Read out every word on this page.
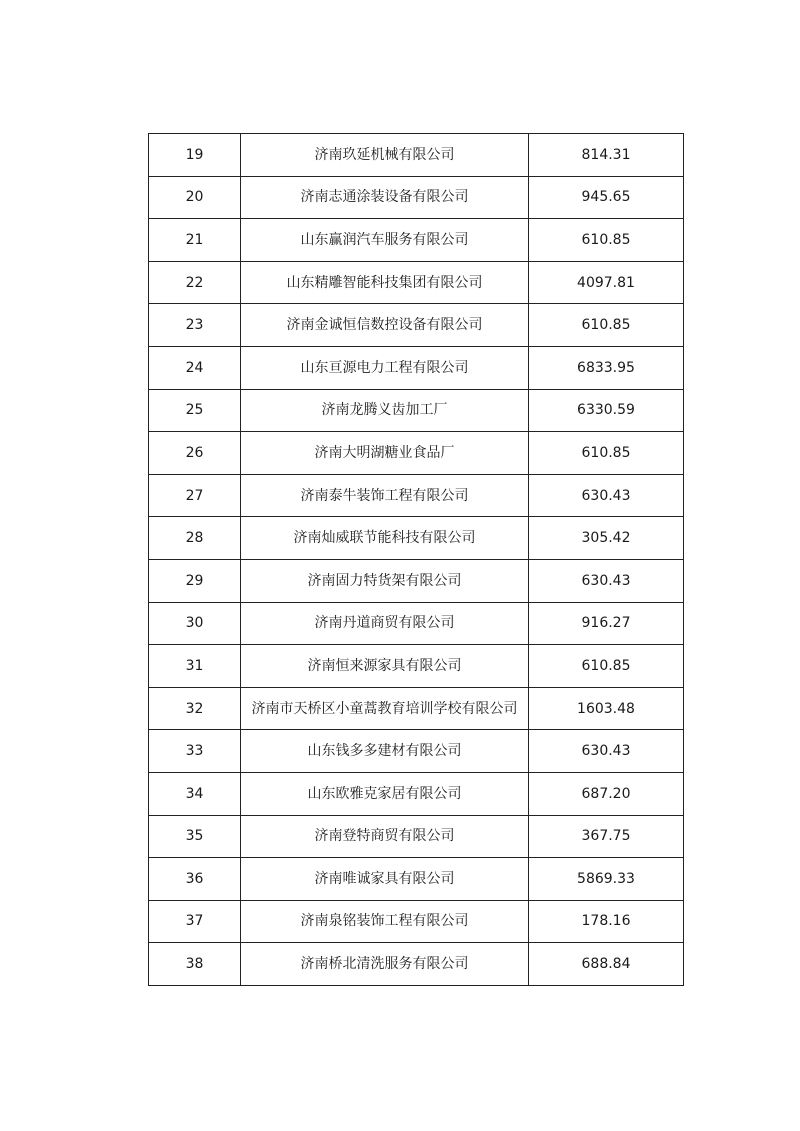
19	济南玖延机械有限公司	814.31
20	济南志通涂装设备有限公司	945.65
21	山东赢润汽车服务有限公司	610.85
22	山东精雕智能科技集团有限公司	4097.81
23	济南金诚恒信数控设备有限公司	610.85
24	山东亘源电力工程有限公司	6833.95
25	济南龙腾义齿加工厂	6330.59
26	济南大明湖糖业食品厂	610.85
27	济南泰牛装饰工程有限公司	630.43
28	济南灿威联节能科技有限公司	305.42
29	济南固力特货架有限公司	630.43
30	济南丹道商贸有限公司	916.27
31	济南恒来源家具有限公司	610.85
32	济南市天桥区小童蒿教育培训学校有限公司	1603.48
33	山东钱多多建材有限公司	630.43
34	山东欧雅克家居有限公司	687.20
35	济南登特商贸有限公司	367.75
36	济南唯诚家具有限公司	5869.33
37	济南泉铭装饰工程有限公司	178.16
38	济南桥北清洗服务有限公司	688.84
